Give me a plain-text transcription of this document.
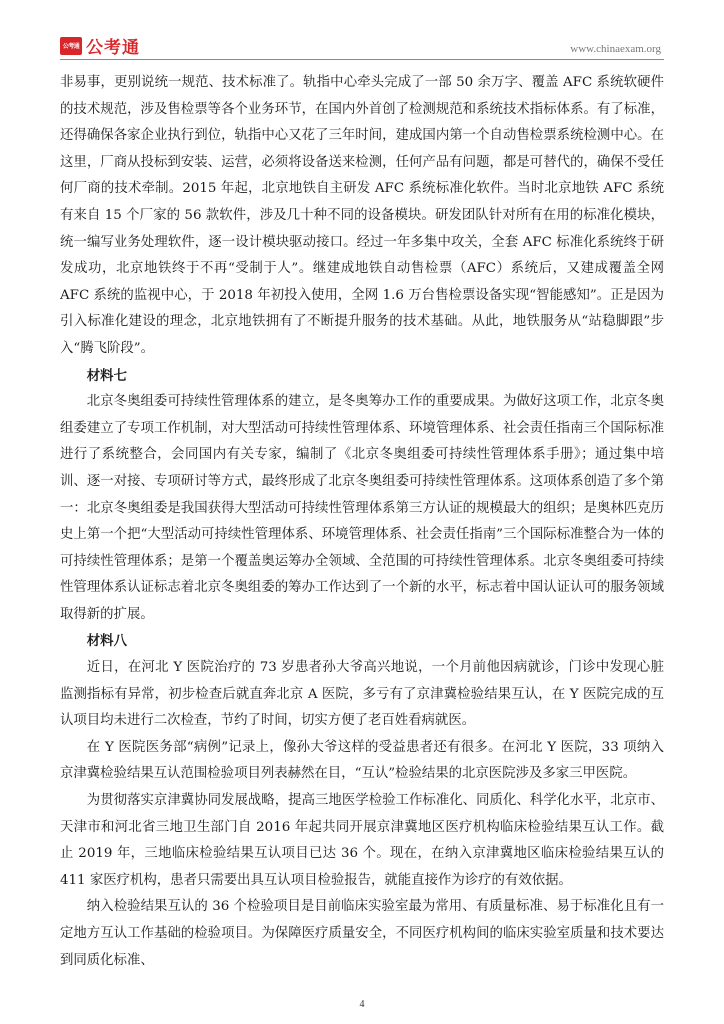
公考通 公考通	www.chinaexam.org

非易事，更别说统一规范、技术标准了。轨指中心牵头完成了一部 50 余万字、覆盖 AFC 系统软硬件的技术规范，涉及售检票等各个业务环节，在国内外首创了检测规范和系统技术指标体系。有了标准，还得确保各家企业执行到位，轨指中心又花了三年时间，建成国内第一个自动售检票系统检测中心。在这里，厂商从投标到安装、运营，必须将设备送来检测，任何产品有问题，都是可替代的，确保不受任何厂商的技术牵制。2015 年起，北京地铁自主研发 AFC 系统标准化软件。当时北京地铁 AFC 系统有来自 15 个厂家的 56 款软件，涉及几十种不同的设备模块。研发团队针对所有在用的标准化模块，统一编写业务处理软件，逐一设计模块驱动接口。经过一年多集中攻关，全套 AFC 标准化系统终于研发成功，北京地铁终于不再“受制于人”。继建成地铁自动售检票（AFC）系统后，又建成覆盖全网 AFC 系统的监视中心，于 2018 年初投入使用，全网 1.6 万台售检票设备实现“智能感知”。正是因为引入标准化建设的理念，北京地铁拥有了不断提升服务的技术基础。从此，地铁服务从“站稳脚跟”步入“腾飞阶段”。

材料七

北京冬奥组委可持续性管理体系的建立，是冬奥筹办工作的重要成果。为做好这项工作，北京冬奥组委建立了专项工作机制，对大型活动可持续性管理体系、环境管理体系、社会责任指南三个国际标准进行了系统整合，会同国内有关专家，编制了《北京冬奥组委可持续性管理体系手册》；通过集中培训、逐一对接、专项研讨等方式，最终形成了北京冬奥组委可持续性管理体系。这项体系创造了多个第一：北京冬奥组委是我国获得大型活动可持续性管理体系第三方认证的规模最大的组织；是奥林匹克历史上第一个把“大型活动可持续性管理体系、环境管理体系、社会责任指南”三个国际标准整合为一体的可持续性管理体系；是第一个覆盖奥运筹办全领域、全范围的可持续性管理体系。北京冬奥组委可持续性管理体系认证标志着北京冬奥组委的筹办工作达到了一个新的水平，标志着中国认证认可的服务领域取得新的扩展。

材料八

近日，在河北 Y 医院治疗的 73 岁患者孙大爷高兴地说，一个月前他因病就诊，门诊中发现心脏监测指标有异常，初步检查后就直奔北京 A 医院，多亏有了京津冀检验结果互认，在 Y 医院完成的互认项目均未进行二次检查，节约了时间，切实方便了老百姓看病就医。

在 Y 医院医务部“病例”记录上，像孙大爷这样的受益患者还有很多。在河北 Y 医院，33 项纳入京津冀检验结果互认范围检验项目列表赫然在目，“互认”检验结果的北京医院涉及多家三甲医院。

为贯彻落实京津冀协同发展战略，提高三地医学检验工作标准化、同质化、科学化水平，北京市、天津市和河北省三地卫生部门自 2016 年起共同开展京津冀地区医疗机构临床检验结果互认工作。截止 2019 年，三地临床检验结果互认项目已达 36 个。现在，在纳入京津冀地区临床检验结果互认的 411 家医疗机构，患者只需要出具互认项目检验报告，就能直接作为诊疗的有效依据。

纳入检验结果互认的 36 个检验项目是目前临床实验室最为常用、有质量标准、易于标准化且有一定地方互认工作基础的检验项目。为保障医疗质量安全，不同医疗机构间的临床实验室质量和技术要达到同质化标准、

4
